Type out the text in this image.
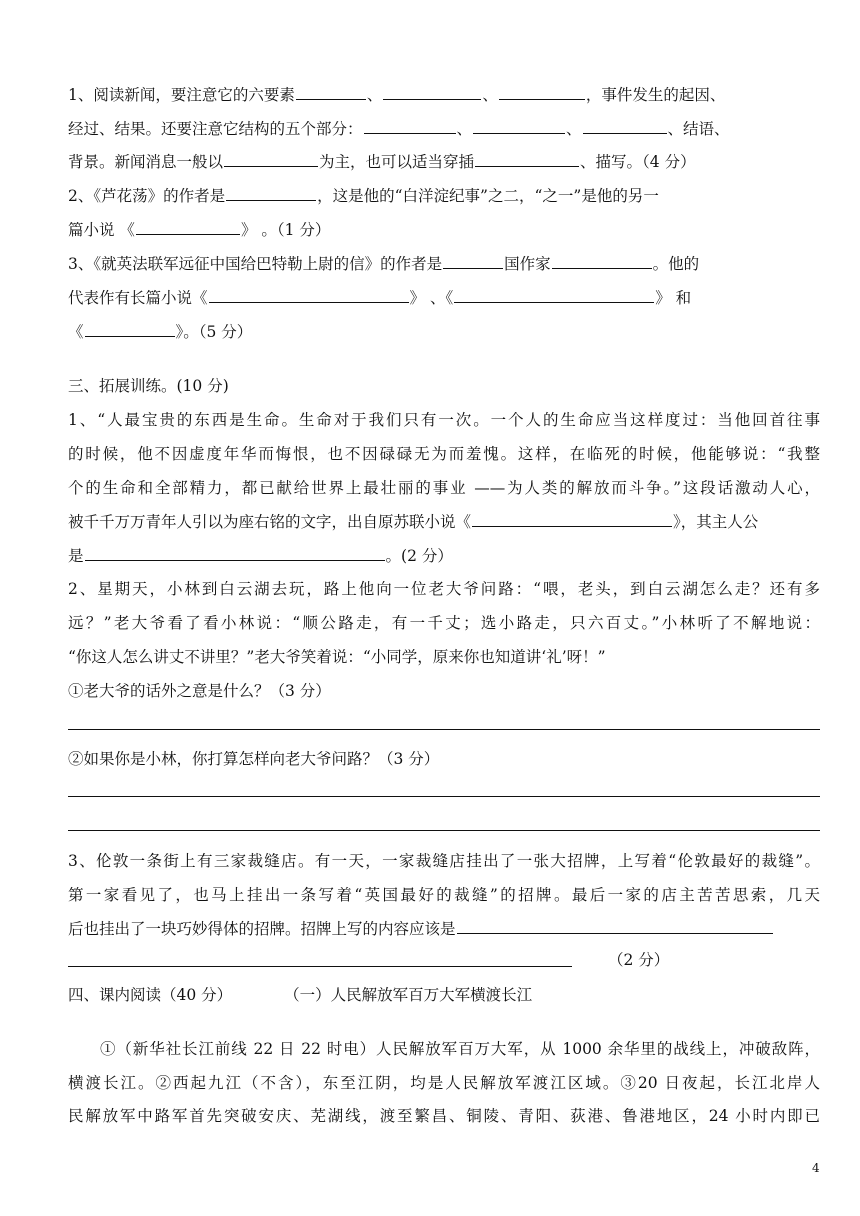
1、阅读新闻，要注意它的六要素	、	、	，事件发生的起因、
经过、结果。还要注意它结构的五个部分：	、	、	、结语、
背景。新闻消息一般以	为主，也可以适当穿插	、描写。（4 分）
2、《芦花荡》的作者是	，这是他的“白洋淀纪事”之二，“之一”是他的另一
篇小说 《	》 。（1 分）
3、《就英法联军远征中国给巴特勒上尉的信》的作者是	国作家	。他的
代表作有长篇小说《	》 、《	》 和
《	》。（5 分）
三、拓展训练。(10 分)
1、“人最宝贵的东西是生命。生命对于我们只有一次。一个人的生命应当这样度过：当他回首往事
的时候，他不因虚度年华而悔恨，也不因碌碌无为而羞愧。这样，在临死的时候，他能够说：“我整
个的生命和全部精力，都已献给世界上最壮丽的事业 ——为人类的解放而斗争。”这段话激动人心，
被千千万万青年人引以为座右铭的文字，出自原苏联小说《	》，其主人公
是	。(2 分）
2、星期天，小林到白云湖去玩，路上他向一位老大爷问路：“喂，老头，到白云湖怎么走？还有多
远？”老大爷看了看小林说：“顺公路走，有一千丈；选小路走，只六百丈。”小林听了不解地说：
“你这人怎么讲丈不讲里？”老大爷笑着说：“小同学，原来你也知道讲‘礼’呀！”
①老大爷的话外之意是什么？（3 分）
②如果你是小林，你打算怎样向老大爷问路？（3 分）
3、伦敦一条街上有三家裁缝店。有一天，一家裁缝店挂出了一张大招牌，上写着“伦敦最好的裁缝”。
第一家看见了，也马上挂出一条写着“英国最好的裁缝”的招牌。最后一家的店主苦苦思索，几天
后也挂出了一块巧妙得体的招牌。招牌上写的内容应该是
（2 分）
四、课内阅读（40 分）	（一）人民解放军百万大军横渡长江
①（新华社长江前线 22 日 22 时电）人民解放军百万大军，从 1000 余华里的战线上，冲破敌阵，
横渡长江。②西起九江（不含），东至江阴，均是人民解放军渡江区域。③20 日夜起，长江北岸人
民解放军中路军首先突破安庆、芜湖线，渡至繁昌、铜陵、青阳、荻港、鲁港地区，24 小时内即已
4
